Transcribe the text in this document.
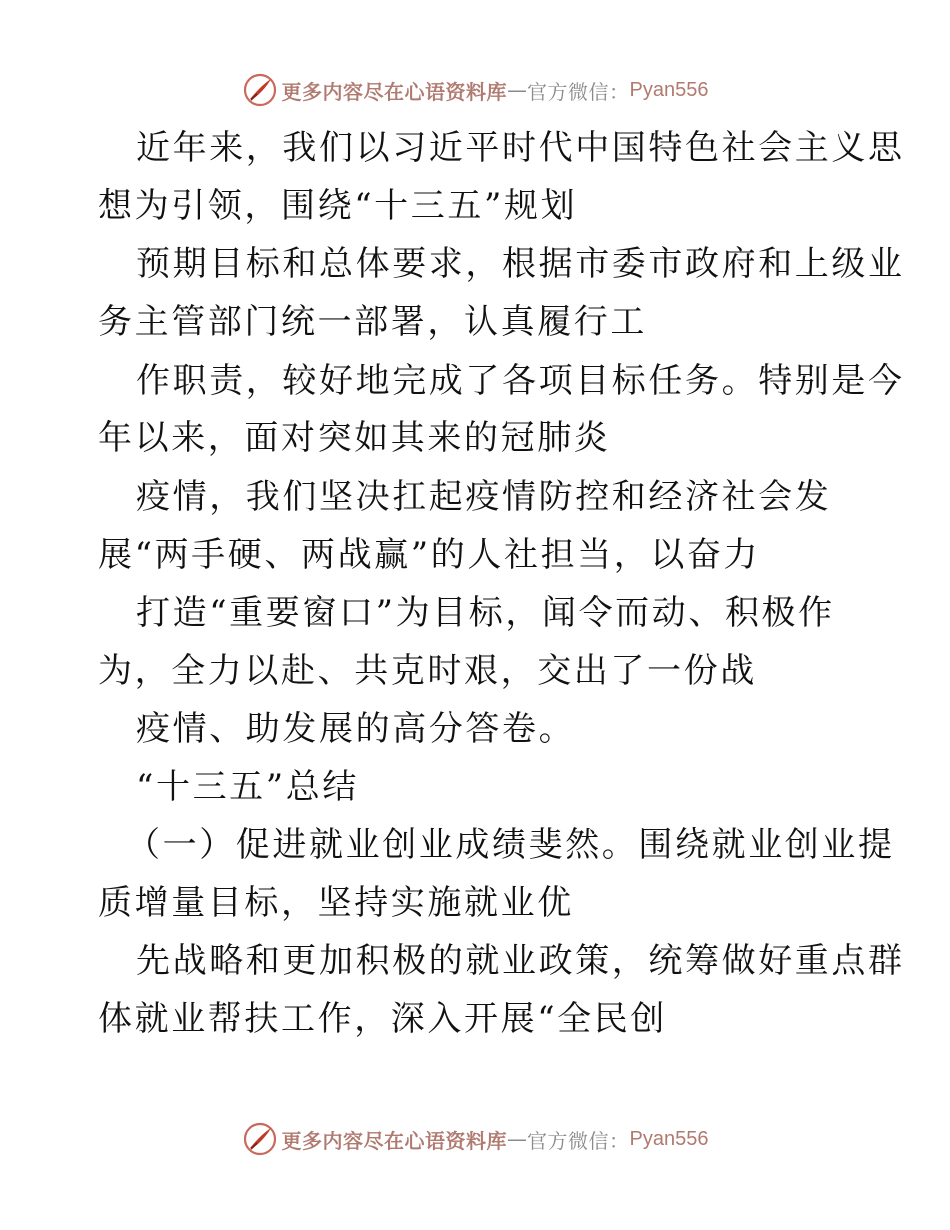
更多内容尽在心语资料库 — 官方微信： Pyan556
近年来，我们以习近平时代中国特色社会主义思
想为引领，围绕“十三五”规划
预期目标和总体要求，根据市委市政府和上级业
务主管部门统一部署，认真履行工
作职责，较好地完成了各项目标任务。特别是今
年以来，面对突如其来的冠肺炎
疫情，我们坚决扛起疫情防控和经济社会发
展“两手硬、两战赢”的人社担当，以奋力
打造“重要窗口”为目标，闻令而动、积极作
为，全力以赴、共克时艰，交出了一份战
疫情、助发展的高分答卷。
“十三五”总结
（一）促进就业创业成绩斐然。围绕就业创业提
质增量目标，坚持实施就业优
先战略和更加积极的就业政策，统筹做好重点群
体就业帮扶工作，深入开展“全民创
更多内容尽在心语资料库 — 官方微信： Pyan556
